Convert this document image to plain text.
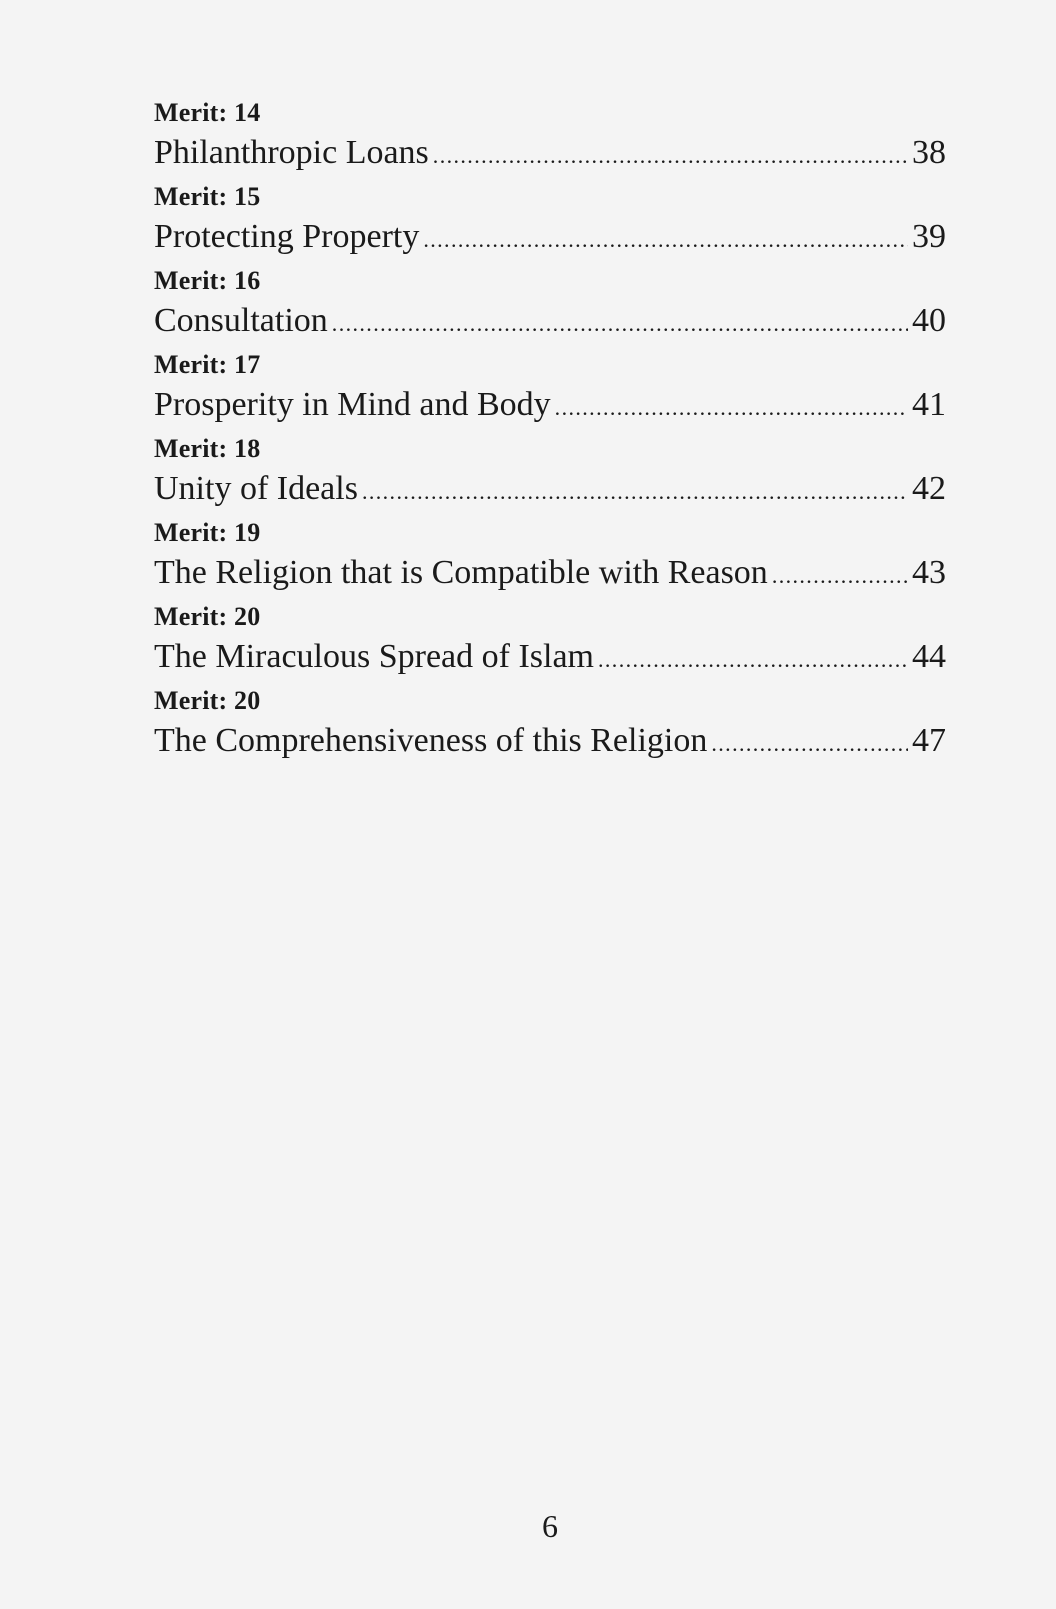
Merit: 14
Philanthropic Loans .....	38
Merit: 15
Protecting Property .....	39
Merit: 16
Consultation .....	40
Merit: 17
Prosperity in Mind and Body .....	41
Merit: 18
Unity of Ideals .....	42
Merit: 19
The Religion that is Compatible with Reason .....	43
Merit: 20
The Miraculous Spread of Islam .....	44
Merit: 20
The Comprehensiveness of this Religion .....	47
6
